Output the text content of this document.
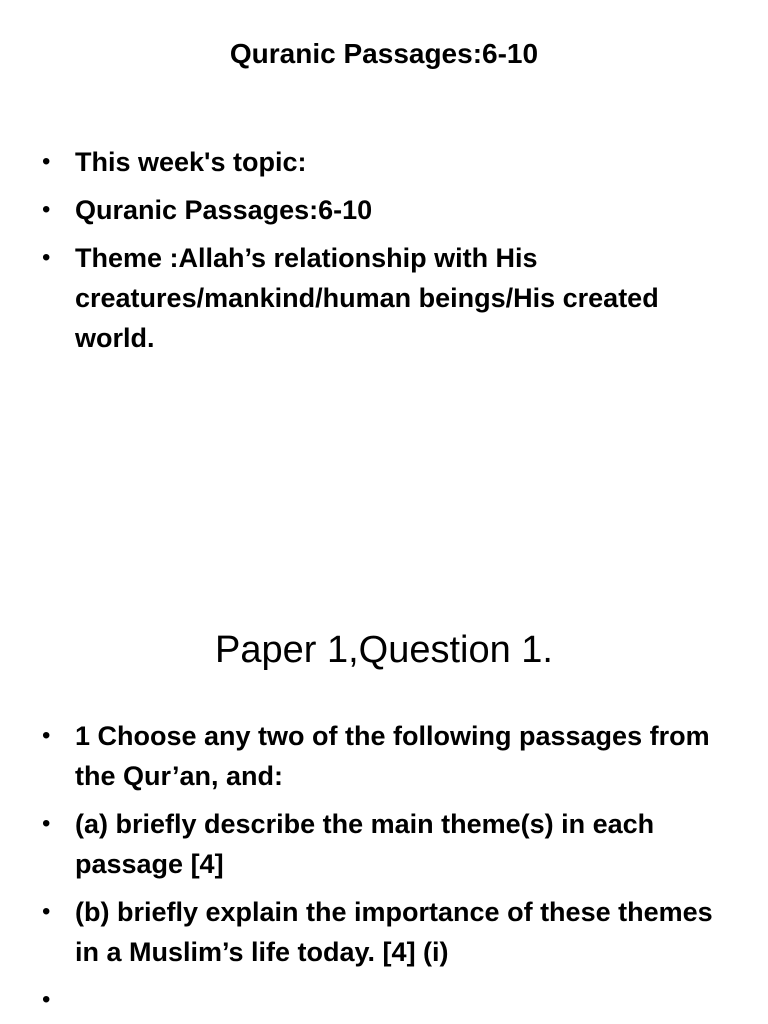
Quranic Passages:6-10
• This week's topic:
• Quranic Passages:6-10
• Theme :Allah’s relationship with His creatures/mankind/human beings/His created world.
Paper 1,Question 1.
• 1 Choose any two of the following passages from the Qur’an, and:
• (a) briefly describe the main theme(s) in each passage [4]
• (b) briefly explain the importance of these themes in a Muslim’s life today. [4] (i)
•
